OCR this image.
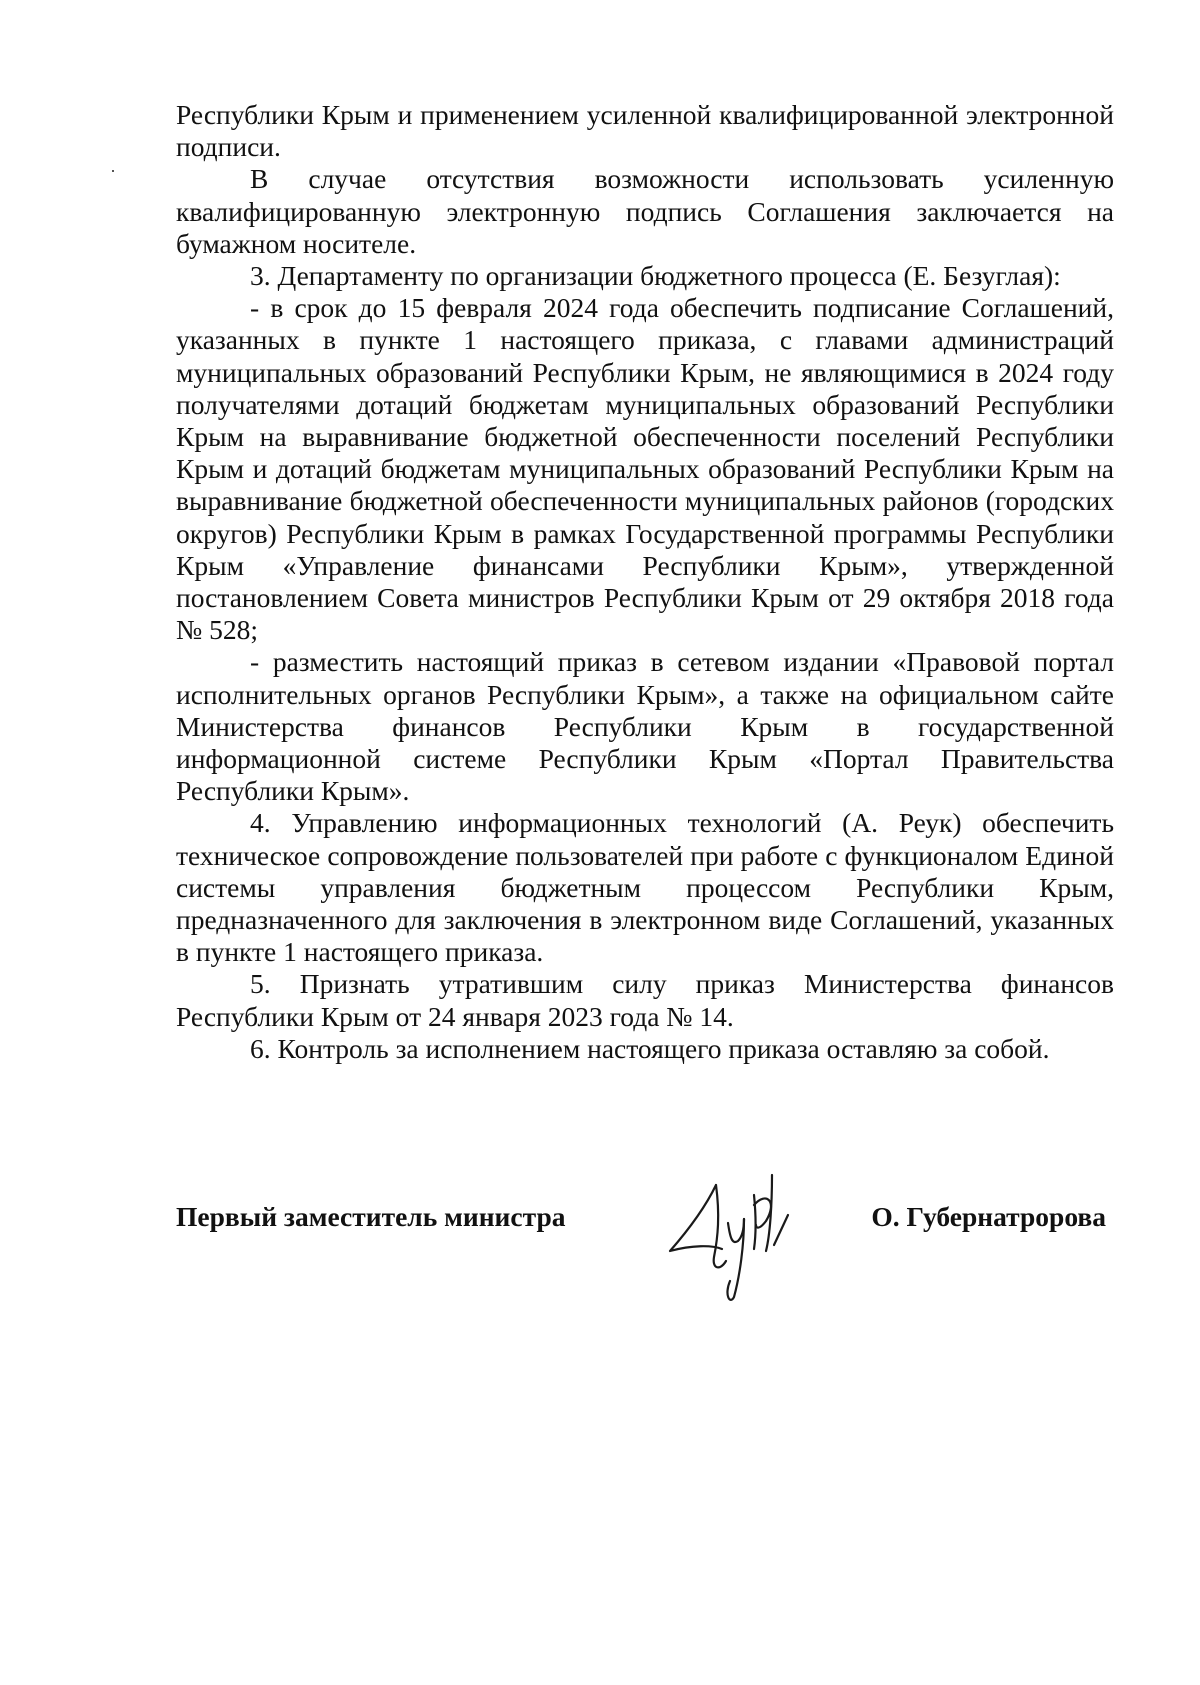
Республики Крым и применением усиленной квалифицированной электронной подписи.

В случае отсутствия возможности использовать усиленную квалифицированную электронную подпись Соглашения заключается на бумажном носителе.

3. Департаменту по организации бюджетного процесса (Е. Безуглая):

- в срок до 15 февраля 2024 года обеспечить подписание Соглашений, указанных в пункте 1 настоящего приказа, с главами администраций муниципальных образований Республики Крым, не являющимися в 2024 году получателями дотаций бюджетам муниципальных образований Республики Крым на выравнивание бюджетной обеспеченности поселений Республики Крым и дотаций бюджетам муниципальных образований Республики Крым на выравнивание бюджетной обеспеченности муниципальных районов (городских округов) Республики Крым в рамках Государственной программы Республики Крым «Управление финансами Республики Крым», утвержденной постановлением Совета министров Республики Крым от 29 октября 2018 года № 528;

- разместить настоящий приказ в сетевом издании «Правовой портал исполнительных органов Республики Крым», а также на официальном сайте Министерства финансов Республики Крым в государственной информационной системе Республики Крым «Портал Правительства Республики Крым».

4. Управлению информационных технологий (А. Реук) обеспечить техническое сопровождение пользователей при работе с функционалом Единой системы управления бюджетным процессом Республики Крым, предназначенного для заключения в электронном виде Соглашений, указанных в пункте 1 настоящего приказа.

5. Признать утратившим силу приказ Министерства финансов Республики Крым от 24 января 2023 года № 14.

6. Контроль за исполнением настоящего приказа оставляю за собой.

Первый заместитель министра	О. Губернатророва
